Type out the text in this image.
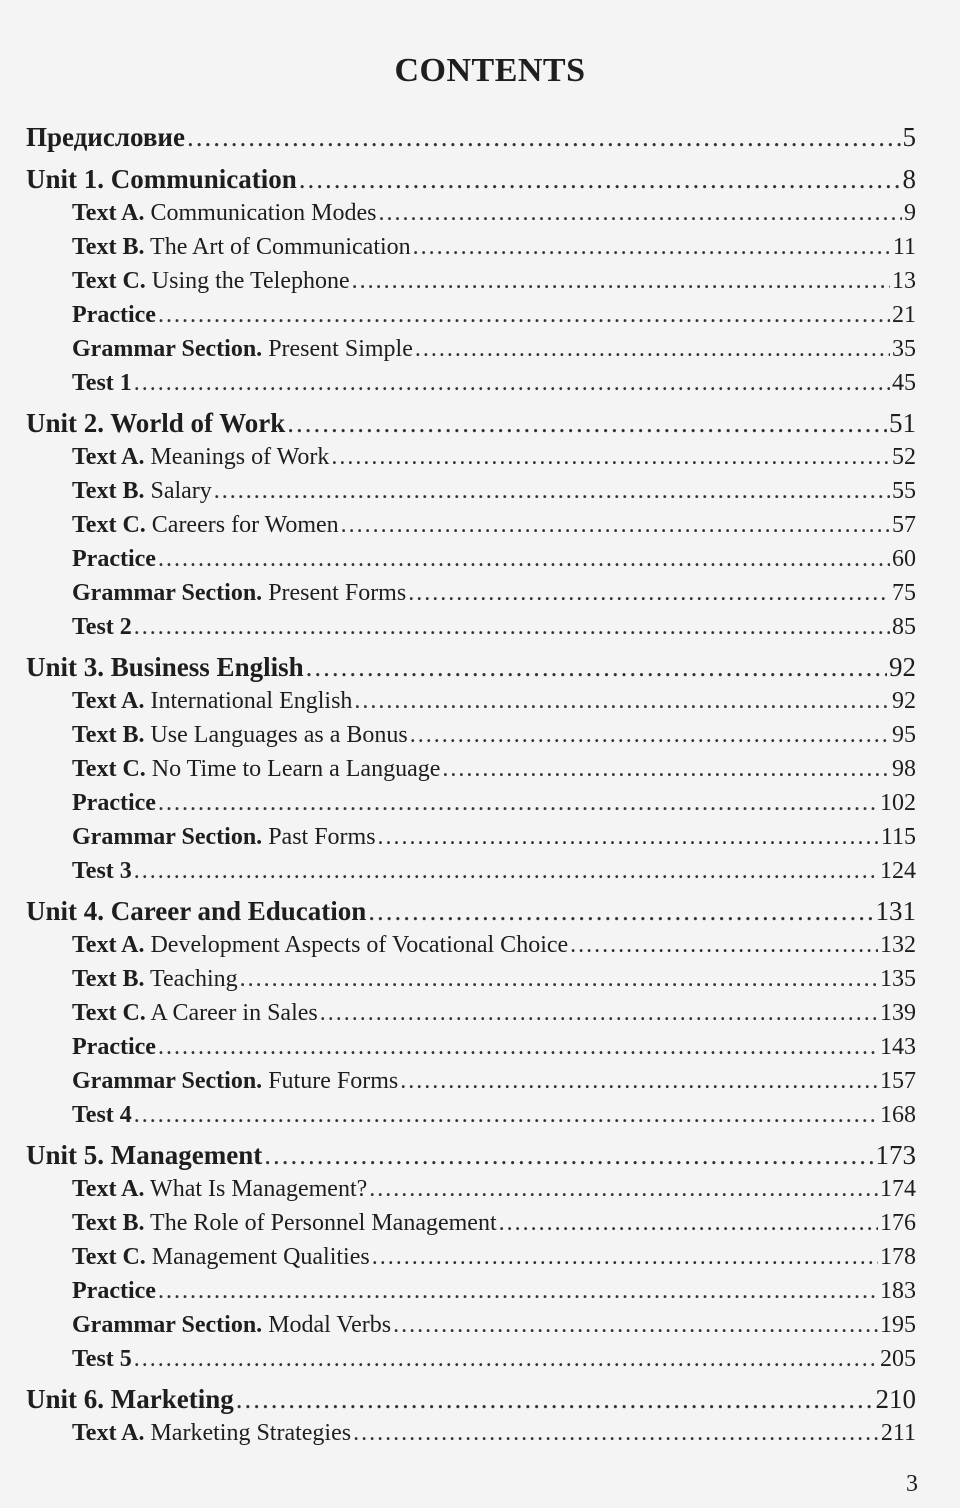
CONTENTS
Предисловие .....	5
Unit 1. Communication .....	8
Text A. Communication Modes .....	9
Text B. The Art of Communication .....	11
Text C. Using the Telephone .....	13
Practice .....	21
Grammar Section. Present Simple .....	35
Test 1 .....	45
Unit 2. World of Work .....	51
Text A. Meanings of Work .....	52
Text B. Salary .....	55
Text C. Careers for Women .....	57
Practice .....	60
Grammar Section. Present Forms .....	75
Test 2 .....	85
Unit 3. Business English .....	92
Text A. International English .....	92
Text B. Use Languages as a Bonus .....	95
Text C. No Time to Learn a Language .....	98
Practice .....	102
Grammar Section. Past Forms .....	115
Test 3 .....	124
Unit 4. Career and Education .....	131
Text A. Development Aspects of Vocational Choice .....	132
Text B. Teaching .....	135
Text C. A Career in Sales .....	139
Practice .....	143
Grammar Section. Future Forms .....	157
Test 4 .....	168
Unit 5. Management .....	173
Text A. What Is Management? .....	174
Text B. The Role of Personnel Management .....	176
Text C. Management Qualities .....	178
Practice .....	183
Grammar Section. Modal Verbs .....	195
Test 5 .....	205
Unit 6. Marketing .....	210
Text A. Marketing Strategies .....	211
3
